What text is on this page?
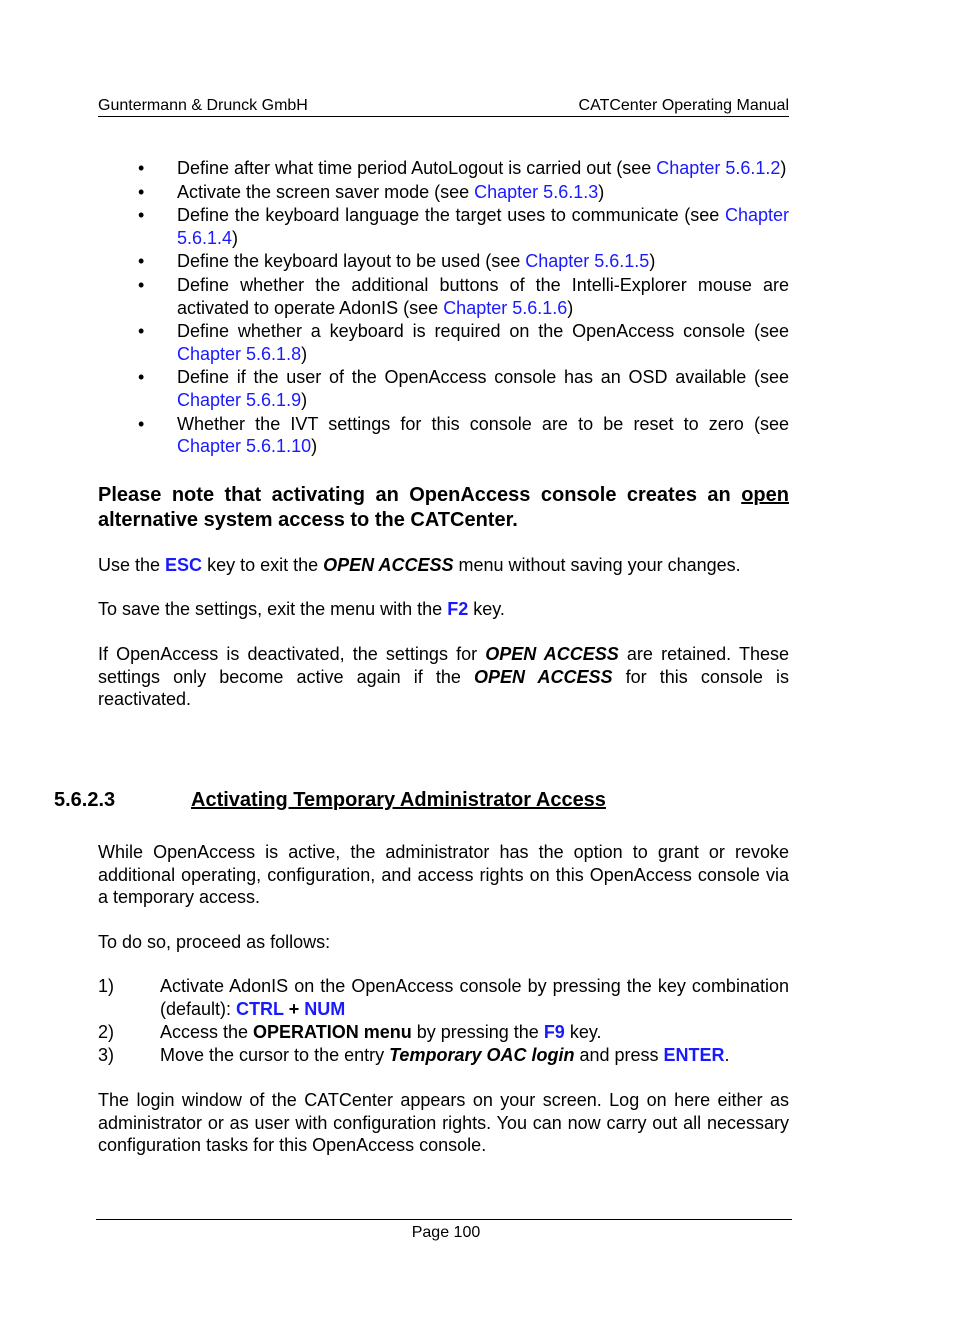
Guntermann & Drunck GmbH	CATCenter Operating Manual
• Define after what time period AutoLogout is carried out (see Chapter 5.6.1.2)
• Activate the screen saver mode (see Chapter 5.6.1.3)
• Define the keyboard language the target uses to communicate (see Chapter 5.6.1.4)
• Define the keyboard layout to be used (see Chapter 5.6.1.5)
• Define whether the additional buttons of the Intelli-Explorer mouse are activated to operate AdonIS (see Chapter 5.6.1.6)
• Define whether a keyboard is required on the OpenAccess console (see Chapter 5.6.1.8)
• Define if the user of the OpenAccess console has an OSD available (see Chapter 5.6.1.9)
• Whether the IVT settings for this console are to be reset to zero (see Chapter 5.6.1.10)

Please note that activating an OpenAccess console creates an open alternative system access to the CATCenter.

Use the ESC key to exit the OPEN ACCESS menu without saving your changes.

To save the settings, exit the menu with the F2 key.

If OpenAccess is deactivated, the settings for OPEN ACCESS are retained. These settings only become active again if the OPEN ACCESS for this console is reactivated.

5.6.2.3	Activating Temporary Administrator Access

While OpenAccess is active, the administrator has the option to grant or revoke additional operating, configuration, and access rights on this OpenAccess console via a temporary access.

To do so, proceed as follows:

1)	Activate AdonIS on the OpenAccess console by pressing the key combination (default): CTRL + NUM
2)	Access the OPERATION menu by pressing the F9 key.
3)	Move the cursor to the entry Temporary OAC login and press ENTER.

The login window of the CATCenter appears on your screen. Log on here either as administrator or as user with configuration rights. You can now carry out all necessary configuration tasks for this OpenAccess console.

Page 100
